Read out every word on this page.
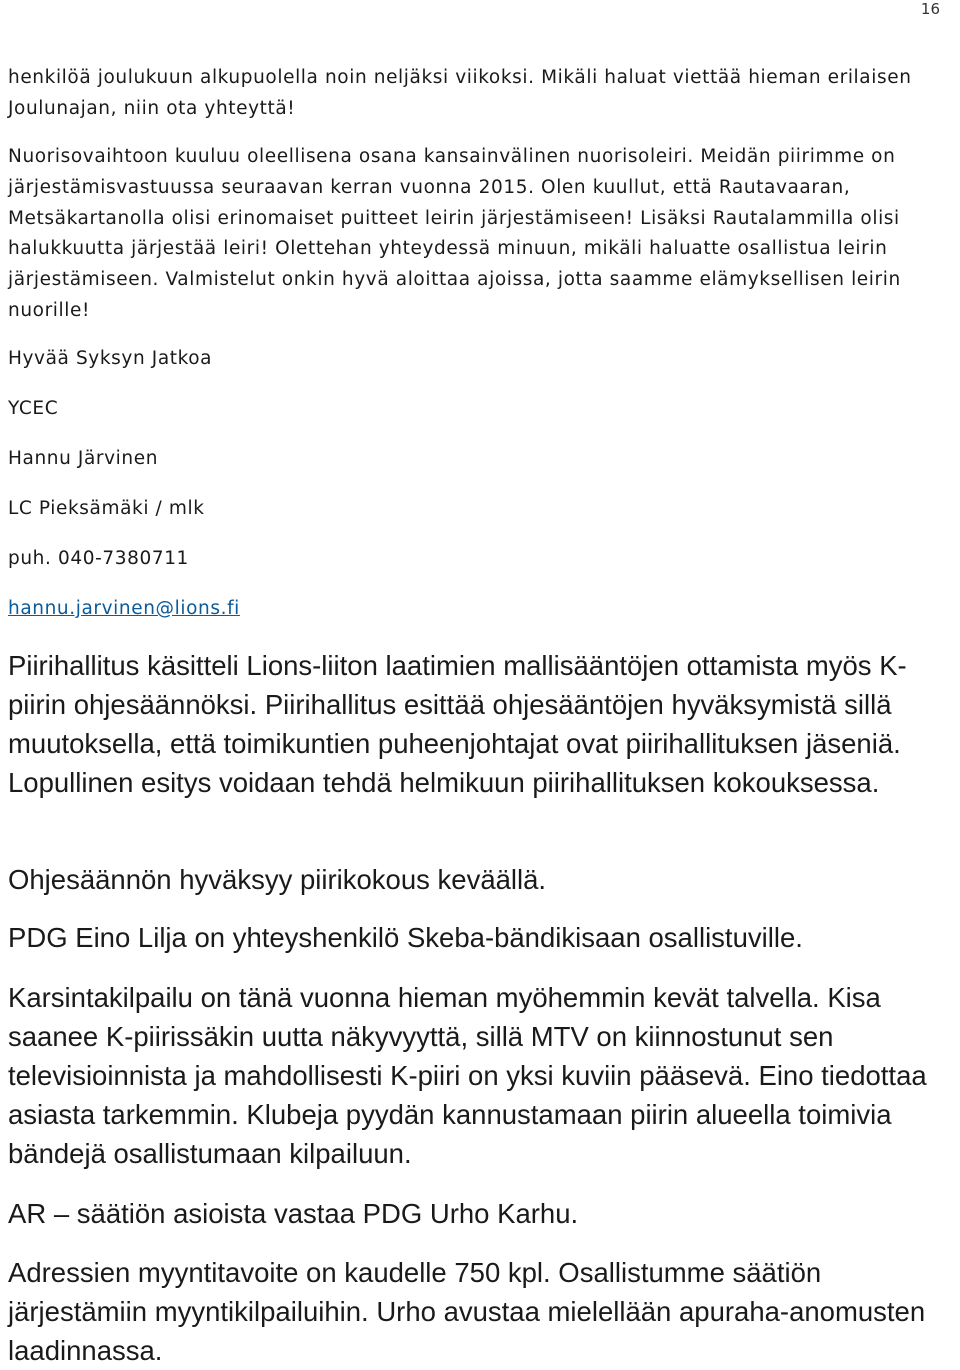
16

henkilöä joulukuun alkupuolella noin neljäksi viikoksi. Mikäli haluat viettää hieman erilaisen Joulunajan, niin ota yhteyttä!

Nuorisovaihtoon kuuluu oleellisena osana kansainvälinen nuorisoleiri. Meidän piirimme on järjestämisvastuussa seuraavan kerran vuonna 2015. Olen kuullut, että Rautavaaran, Metsäkartanolla olisi erinomaiset puitteet leirin järjestämiseen! Lisäksi Rautalammilla olisi halukkuutta järjestää leiri! Olettehan yhteydessä minuun, mikäli haluatte osallistua leirin järjestämiseen. Valmistelut onkin hyvä aloittaa ajoissa, jotta saamme elämyksellisen leirin nuorille!

Hyvää Syksyn Jatkoa

YCEC

Hannu Järvinen

LC Pieksämäki / mlk

puh. 040-7380711

hannu.jarvinen@lions.fi

Piirihallitus käsitteli Lions-liiton laatimien mallisääntöjen ottamista myös K-piirin ohjesäännöksi. Piirihallitus esittää ohjesääntöjen hyväksymistä sillä muutoksella, että toimikuntien puheenjohtajat ovat piirihallituksen jäseniä. Lopullinen esitys voidaan tehdä helmikuun piirihallituksen kokouksessa.

Ohjesäännön hyväksyy piirikokous keväällä.

PDG Eino Lilja on yhteyshenkilö Skeba-bändikisaan osallistuville.

Karsintakilpailu on tänä vuonna hieman myöhemmin kevät talvella. Kisa saanee K-piirissäkin uutta näkyvyyttä, sillä MTV on kiinnostunut sen televisioinnista ja mahdollisesti K-piiri on yksi kuviin pääsevä. Eino tiedottaa asiasta tarkemmin. Klubeja pyydän kannustamaan piirin alueella toimivia bändejä osallistumaan kilpailuun.

AR – säätiön asioista vastaa PDG Urho Karhu.

Adressien myyntitavoite on kaudelle 750 kpl. Osallistumme säätiön järjestämiin myyntikilpailuihin. Urho avustaa mielellään apuraha-anomusten laadinnassa.
